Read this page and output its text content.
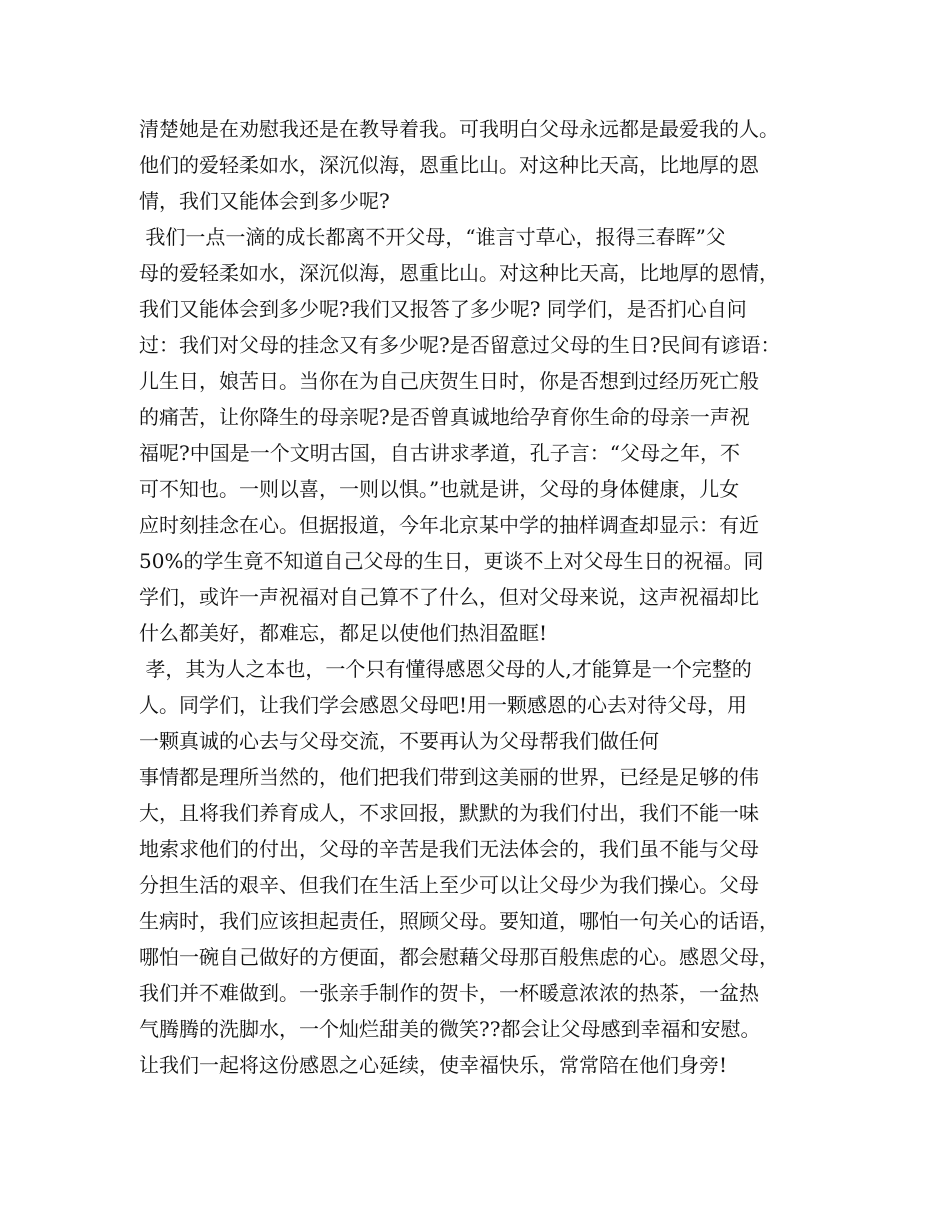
清楚她是在劝慰我还是在教导着我。可我明白父母永远都是最爱我的人。
他们的爱轻柔如水，深沉似海，恩重比山。对这种比天高，比地厚的恩
情，我们又能体会到多少呢?
我们一点一滴的成长都离不开父母，“谁言寸草心，报得三春晖”父
母的爱轻柔如水，深沉似海，恩重比山。对这种比天高，比地厚的恩情，
我们又能体会到多少呢?我们又报答了多少呢? 同学们，是否扪心自问
过：我们对父母的挂念又有多少呢?是否留意过父母的生日?民间有谚语：
儿生日，娘苦日。当你在为自己庆贺生日时，你是否想到过经历死亡般
的痛苦，让你降生的母亲呢?是否曾真诚地给孕育你生命的母亲一声祝
福呢?中国是一个文明古国，自古讲求孝道，孔子言：“父母之年，不
可不知也。一则以喜，一则以惧。”也就是讲，父母的身体健康，儿女
应时刻挂念在心。但据报道，今年北京某中学的抽样调查却显示：有近
50%的学生竟不知道自己父母的生日，更谈不上对父母生日的祝福。同
学们，或许一声祝福对自己算不了什么，但对父母来说，这声祝福却比
什么都美好，都难忘，都足以使他们热泪盈眶!
孝，其为人之本也，一个只有懂得感恩父母的人,才能算是一个完整的
人。同学们，让我们学会感恩父母吧!用一颗感恩的心去对待父母，用
一颗真诚的心去与父母交流，不要再认为父母帮我们做任何
事情都是理所当然的，他们把我们带到这美丽的世界，已经是足够的伟
大，且将我们养育成人，不求回报，默默的为我们付出，我们不能一味
地索求他们的付出，父母的辛苦是我们无法体会的，我们虽不能与父母
分担生活的艰辛、但我们在生活上至少可以让父母少为我们操心。父母
生病时，我们应该担起责任，照顾父母。要知道，哪怕一句关心的话语，
哪怕一碗自己做好的方便面，都会慰藉父母那百般焦虑的心。感恩父母，
我们并不难做到。一张亲手制作的贺卡，一杯暖意浓浓的热茶，一盆热
气腾腾的洗脚水，一个灿烂甜美的微笑??都会让父母感到幸福和安慰。
让我们一起将这份感恩之心延续，使幸福快乐，常常陪在他们身旁!
